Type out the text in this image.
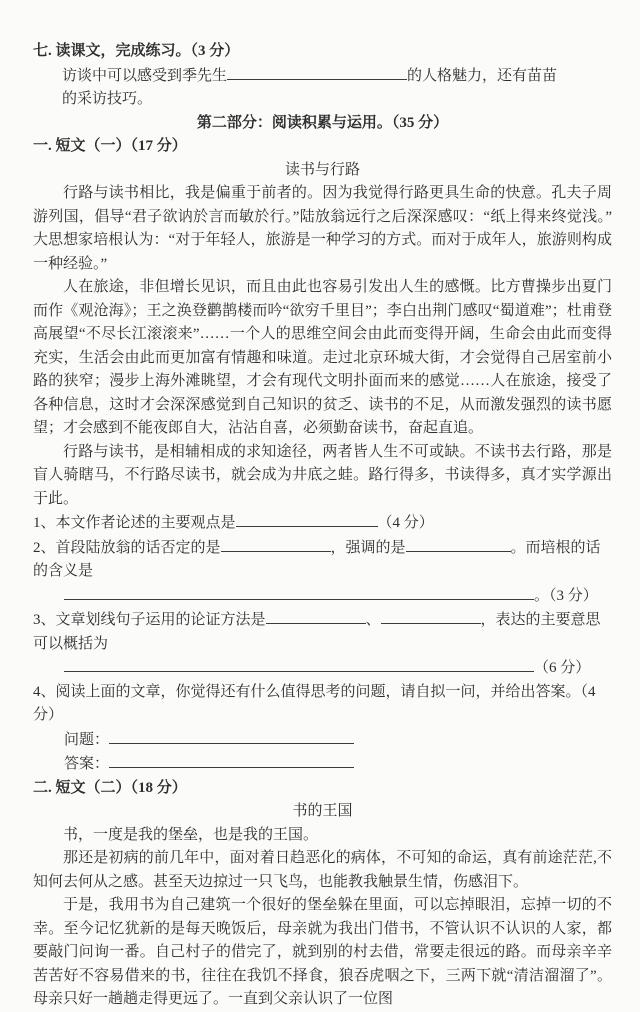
七. 读课文，完成练习。（3 分）
访谈中可以感受到季先生	的人格魅力，还有苗苗
的采访技巧。
第二部分：阅读积累与运用。（35 分）
一. 短文（一）（17 分）
读书与行路

行路与读书相比，我是偏重于前者的。因为我觉得行路更具生命的快意。孔夫子周游列国，倡导“君子欲讷於言而敏於行。”陆放翁远行之后深深感叹：“纸上得来终觉浅。”大思想家培根认为：“对于年轻人，旅游是一种学习的方式。而对于成年人，旅游则构成一种经验。”

人在旅途，非但增长见识，而且由此也容易引发出人生的感慨。比方曹操步出夏门而作《观沧海》；王之涣登鹳鹊楼而吟“欲穷千里目”；李白出荆门感叹“蜀道难”；杜甫登高展望“不尽长江滚滚来”……一个人的思维空间会由此而变得开阔，生命会由此而变得充实，生活会由此而更加富有情趣和味道。走过北京环城大街，才会觉得自己居室前小路的狭窄；漫步上海外滩眺望，才会有现代文明扑面而来的感觉……人在旅途，接受了各种信息，这时才会深深感觉到自己知识的贫乏、读书的不足，从而激发强烈的读书愿望；才会感到不能夜郎自大，沾沾自喜，必须勤奋读书，奋起直追。

行路与读书，是相辅相成的求知途径，两者皆人生不可或缺。不读书去行路，那是盲人骑瞎马，不行路尽读书，就会成为井底之蛙。路行得多，书读得多，真才实学源出于此。

1、本文作者论述的主要观点是	（4 分）
2、首段陆放翁的话否定的是	，强调的是	。而培根的话的含义是
。（3 分）
3、文章划线句子运用的论证方法是	、	，表达的主要意思可以概括为
（6 分）
4、阅读上面的文章，你觉得还有什么值得思考的问题，请自拟一问，并给出答案。（4 分）
问题：
答案：
二. 短文（二）（18 分）
书的王国

书，一度是我的堡垒，也是我的王国。

那还是初病的前几年中，面对着日趋恶化的病体，不可知的命运，真有前途茫茫,不知何去何从之感。甚至天边掠过一只飞鸟，也能教我触景生情，伤感泪下。

于是，我用书为自己建筑一个很好的堡垒躲在里面，可以忘掉眼泪，忘掉一切的不幸。至今记忆犹新的是每天晚饭后，母亲就为我出门借书，不管认识不认识的人家，都要敲门问询一番。自己村子的借完了，就到别的村去借，常要走很远的路。而母亲辛辛苦苦好不容易借来的书，往往在我饥不择食，狼吞虎咽之下，三两下就“清洁溜溜了”。母亲只好一趟趟走得更远了。一直到父亲认识了一位图
